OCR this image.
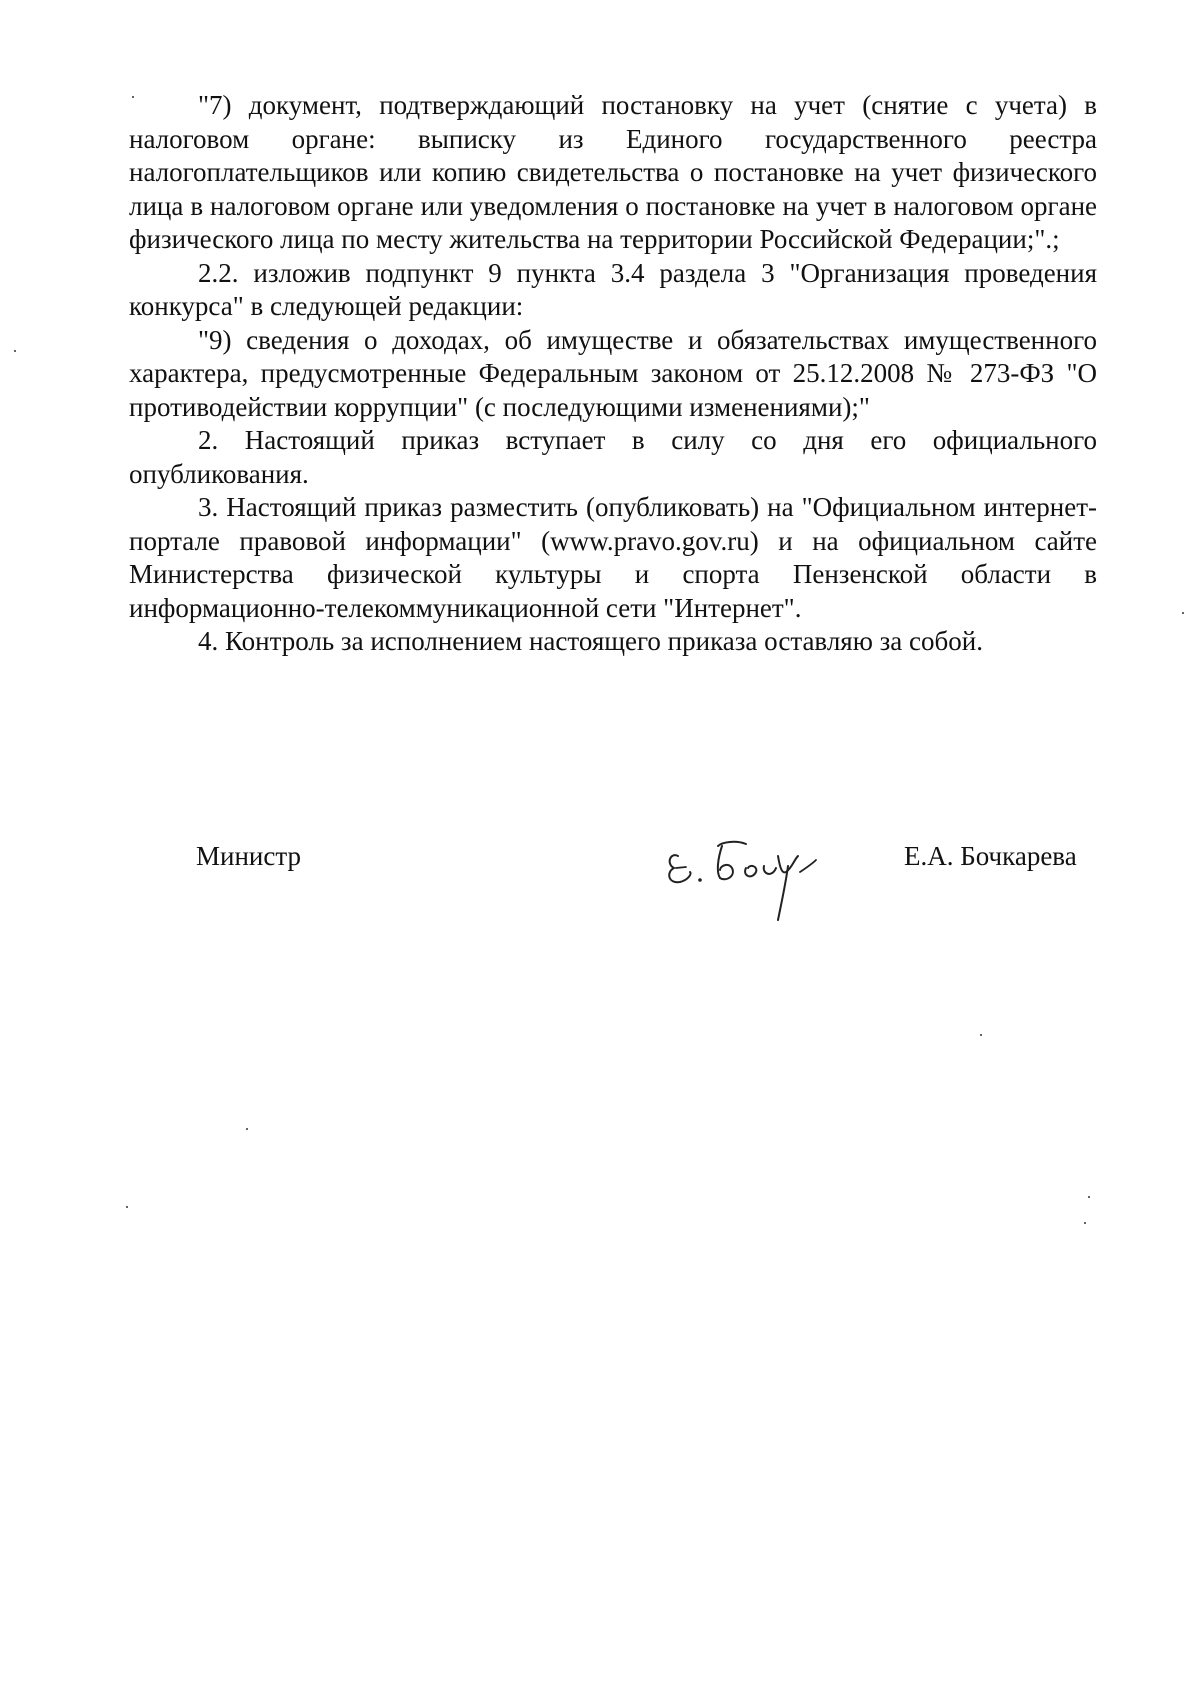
"7) документ, подтверждающий постановку на учет (снятие с учета) в налоговом органе: выписку из Единого государственного реестра налогоплательщиков или копию свидетельства о постановке на учет физического лица в налоговом органе или уведомления о постановке на учет в налоговом органе физического лица по месту жительства на территории Российской Федерации;".;

2.2. изложив подпункт 9 пункта 3.4 раздела 3 "Организация проведения конкурса" в следующей редакции:

"9) сведения о доходах, об имуществе и обязательствах имущественного характера, предусмотренные Федеральным законом от 25.12.2008 № 273-ФЗ "О противодействии коррупции" (с последующими изменениями);"

2. Настоящий приказ вступает в силу со дня его официального опубликования.

3. Настоящий приказ разместить (опубликовать) на "Официальном интернет-портале правовой информации" (www.pravo.gov.ru) и на официальном сайте Министерства физической культуры и спорта Пензенской области в информационно-телекоммуникационной сети "Интернет".

4. Контроль за исполнением настоящего приказа оставляю за собой.

Министр	Е.А. Бочкарева
